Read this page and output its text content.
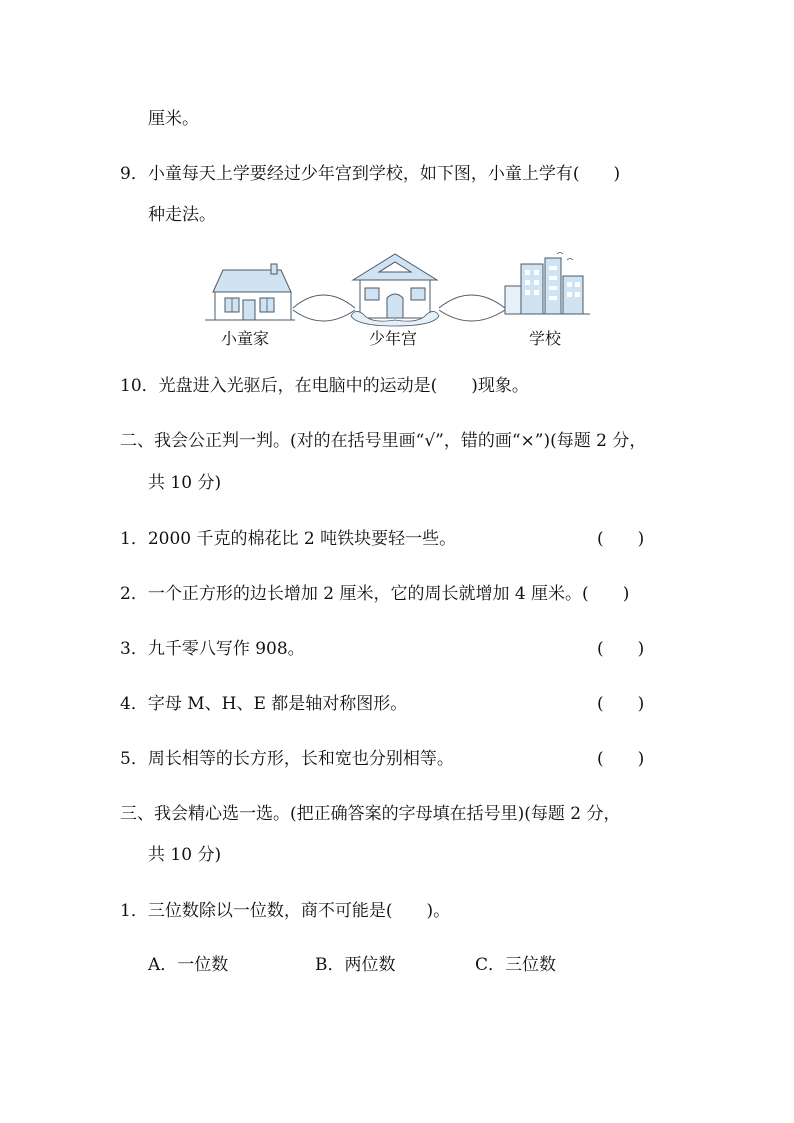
厘米。
9．小童每天上学要经过少年宫到学校，如下图，小童上学有(　　)
种走法。
小童家	少年宫	学校
10．光盘进入光驱后，在电脑中的运动是(　　)现象。
二、我会公正判一判。(对的在括号里画“√”，错的画“×”)(每题 2 分，
共 10 分)
1．2000 千克的棉花比 2 吨铁块要轻一些。	(　　)
2．一个正方形的边长增加 2 厘米，它的周长就增加 4 厘米。(　　)
3．九千零八写作 908。	(　　)
4．字母 M、H、E 都是轴对称图形。	(　　)
5．周长相等的长方形，长和宽也分别相等。	(　　)
三、我会精心选一选。(把正确答案的字母填在括号里)(每题 2 分，
共 10 分)
1．三位数除以一位数，商不可能是(　　)。
A．一位数	B．两位数	C．三位数
